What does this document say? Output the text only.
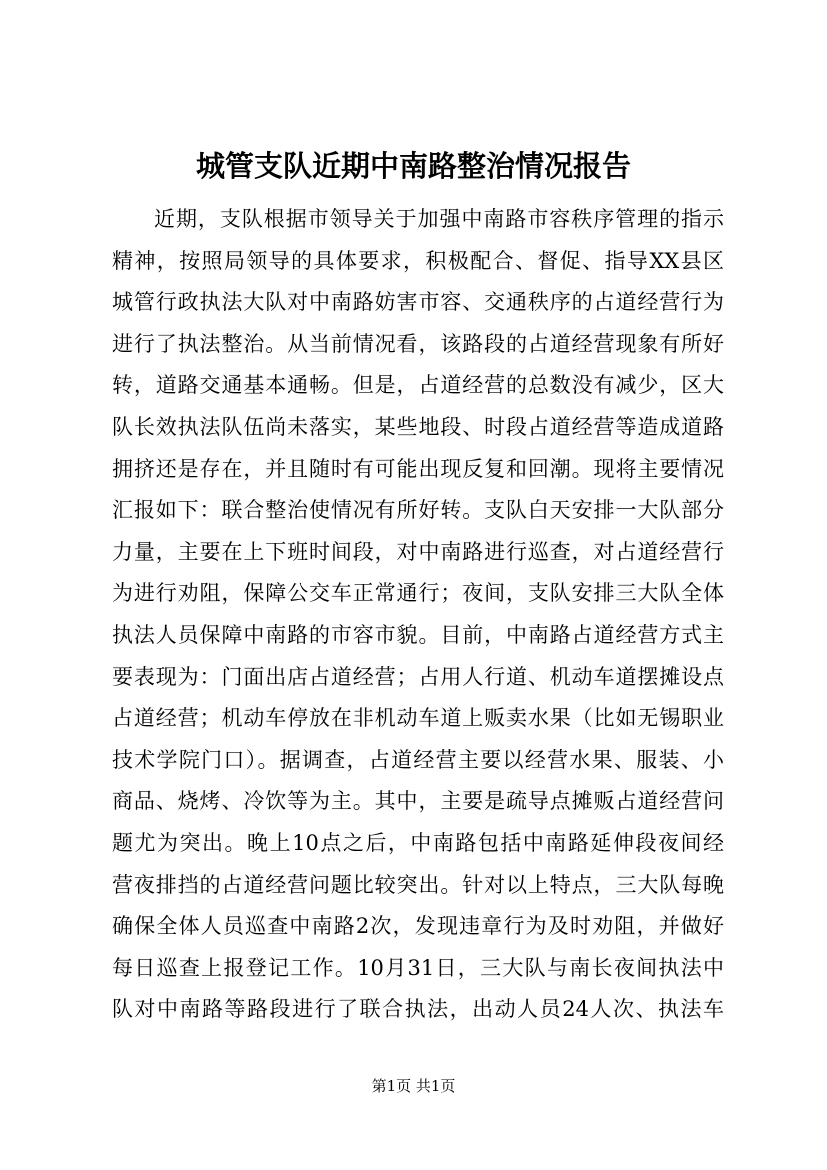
城管支队近期中南路整治情况报告
近期，支队根据市领导关于加强中南路市容秩序管理的指示
精神，按照局领导的具体要求，积极配合、督促、指导XX县区
城管行政执法大队对中南路妨害市容、交通秩序的占道经营行为
进行了执法整治。从当前情况看，该路段的占道经营现象有所好
转，道路交通基本通畅。但是，占道经营的总数没有减少，区大
队长效执法队伍尚未落实，某些地段、时段占道经营等造成道路
拥挤还是存在，并且随时有可能出现反复和回潮。现将主要情况
汇报如下：联合整治使情况有所好转。支队白天安排一大队部分
力量，主要在上下班时间段，对中南路进行巡查，对占道经营行
为进行劝阻，保障公交车正常通行；夜间，支队安排三大队全体
执法人员保障中南路的市容市貌。目前，中南路占道经营方式主
要表现为：门面出店占道经营；占用人行道、机动车道摆摊设点
占道经营；机动车停放在非机动车道上贩卖水果（比如无锡职业
技术学院门口）。据调查，占道经营主要以经营水果、服装、小
商品、烧烤、冷饮等为主。其中，主要是疏导点摊贩占道经营问
题尤为突出。晚上10点之后，中南路包括中南路延伸段夜间经
营夜排挡的占道经营问题比较突出。针对以上特点，三大队每晚
确保全体人员巡查中南路2次，发现违章行为及时劝阻，并做好
每日巡查上报登记工作。10月31日，三大队与南长夜间执法中
队对中南路等路段进行了联合执法，出动人员24人次、执法车
第1页 共1页
